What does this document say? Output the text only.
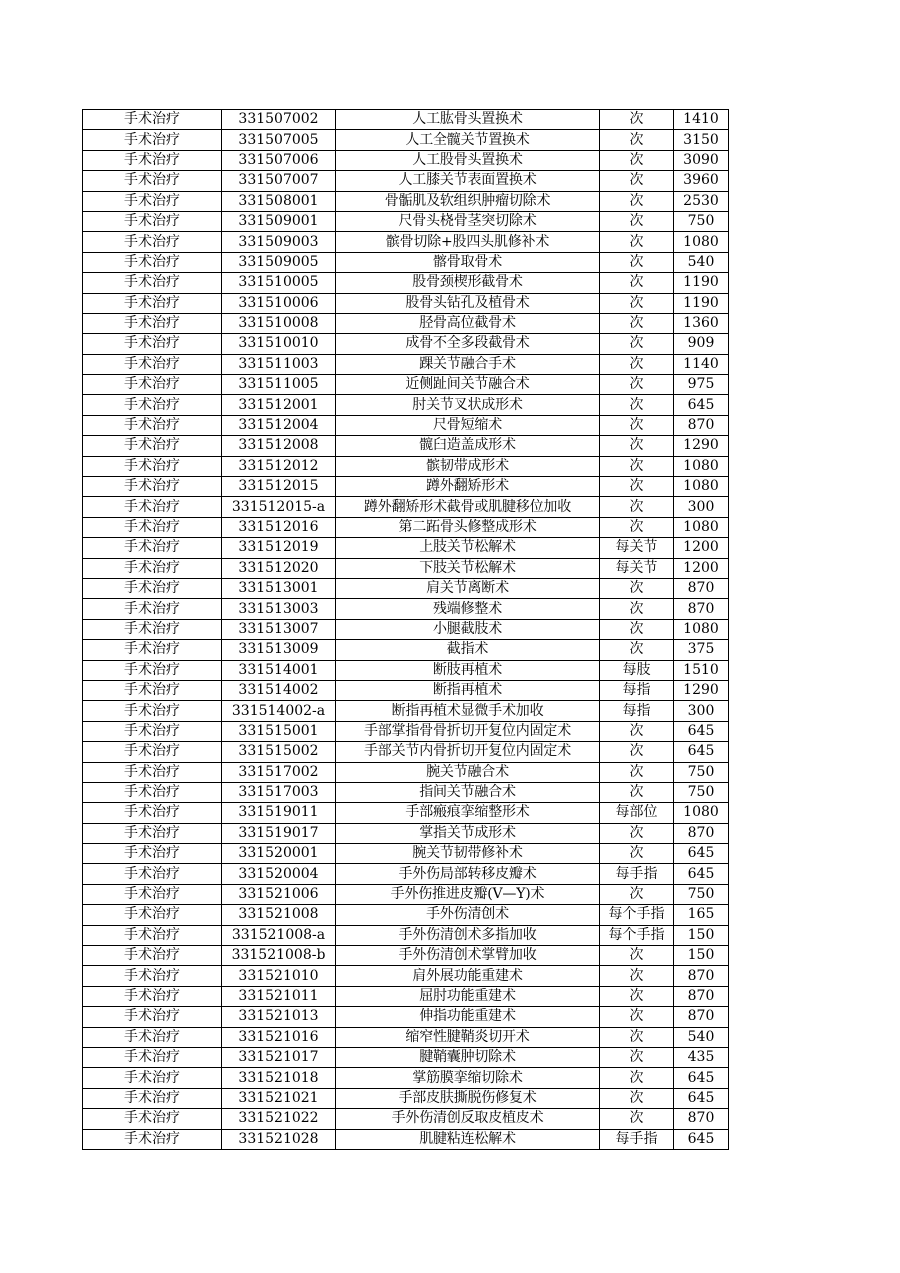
手术治疗	331507002	人工肱骨头置换术	次	1410
手术治疗	331507005	人工全髋关节置换术	次	3150
手术治疗	331507006	人工股骨头置换术	次	3090
手术治疗	331507007	人工膝关节表面置换术	次	3960
手术治疗	331508001	骨骺肌及软组织肿瘤切除术	次	2530
手术治疗	331509001	尺骨头桡骨茎突切除术	次	750
手术治疗	331509003	髌骨切除+股四头肌修补术	次	1080
手术治疗	331509005	髂骨取骨术	次	540
手术治疗	331510005	股骨颈楔形截骨术	次	1190
手术治疗	331510006	股骨头钻孔及植骨术	次	1190
手术治疗	331510008	胫骨高位截骨术	次	1360
手术治疗	331510010	成骨不全多段截骨术	次	909
手术治疗	331511003	踝关节融合手术	次	1140
手术治疗	331511005	近侧趾间关节融合术	次	975
手术治疗	331512001	肘关节叉状成形术	次	645
手术治疗	331512004	尺骨短缩术	次	870
手术治疗	331512008	髋臼造盖成形术	次	1290
手术治疗	331512012	髌韧带成形术	次	1080
手术治疗	331512015	蹲外翻矫形术	次	1080
手术治疗	331512015-a	蹲外翻矫形术截骨或肌腱移位加收	次	300
手术治疗	331512016	第二跖骨头修整成形术	次	1080
手术治疗	331512019	上肢关节松解术	每关节	1200
手术治疗	331512020	下肢关节松解术	每关节	1200
手术治疗	331513001	肩关节离断术	次	870
手术治疗	331513003	残端修整术	次	870
手术治疗	331513007	小腿截肢术	次	1080
手术治疗	331513009	截指术	次	375
手术治疗	331514001	断肢再植术	每肢	1510
手术治疗	331514002	断指再植术	每指	1290
手术治疗	331514002-a	断指再植术显微手术加收	每指	300
手术治疗	331515001	手部掌指骨骨折切开复位内固定术	次	645
手术治疗	331515002	手部关节内骨折切开复位内固定术	次	645
手术治疗	331517002	腕关节融合术	次	750
手术治疗	331517003	指间关节融合术	次	750
手术治疗	331519011	手部瘢痕挛缩整形术	每部位	1080
手术治疗	331519017	掌指关节成形术	次	870
手术治疗	331520001	腕关节韧带修补术	次	645
手术治疗	331520004	手外伤局部转移皮瓣术	每手指	645
手术治疗	331521006	手外伤推进皮瓣(V—Y)术	次	750
手术治疗	331521008	手外伤清创术	每个手指	165
手术治疗	331521008-a	手外伤清创术多指加收	每个手指	150
手术治疗	331521008-b	手外伤清创术掌臂加收	次	150
手术治疗	331521010	肩外展功能重建术	次	870
手术治疗	331521011	屈肘功能重建术	次	870
手术治疗	331521013	伸指功能重建术	次	870
手术治疗	331521016	缩窄性腱鞘炎切开术	次	540
手术治疗	331521017	腱鞘囊肿切除术	次	435
手术治疗	331521018	掌筋膜挛缩切除术	次	645
手术治疗	331521021	手部皮肤撕脱伤修复术	次	645
手术治疗	331521022	手外伤清创反取皮植皮术	次	870
手术治疗	331521028	肌腱粘连松解术	每手指	645
